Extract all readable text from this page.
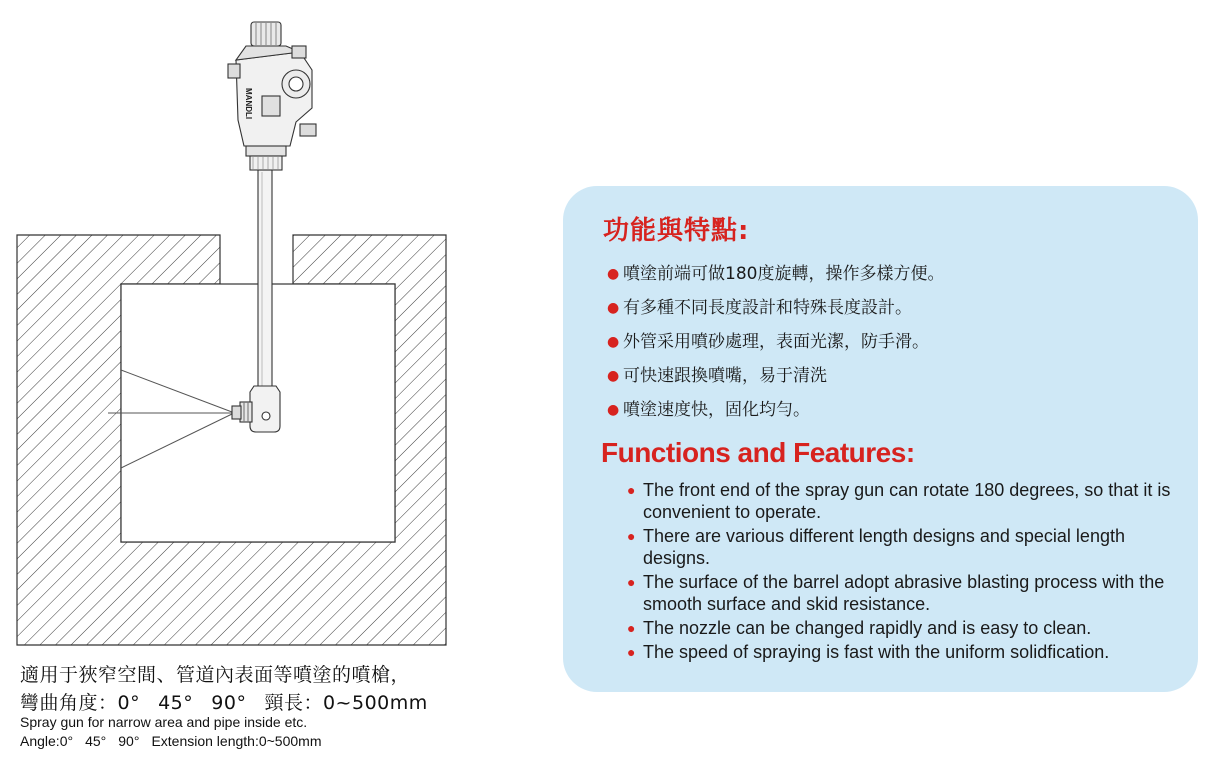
MANDLI
適用于狹窄空間、管道內表面等噴塗的噴槍，
彎曲角度：0° 45° 90° 頸長：0~500mm
Spray gun for narrow area and pipe inside etc.
Angle:0° 45° 90° Extension length:0~500mm
功能與特點:
● 噴塗前端可做180度旋轉，操作多樣方便。
● 有多種不同長度設計和特殊長度設計。
● 外管采用噴砂處理，表面光潔，防手滑。
● 可快速跟換噴嘴，易于清洗
● 噴塗速度快，固化均勻。
Functions and Features:
● The front end of the spray gun can rotate 180 degrees, so that it is convenient to operate.
● There are various different length designs and special length designs.
● The surface of the barrel adopt abrasive blasting process with the smooth surface and skid resistance.
● The nozzle can be changed rapidly and is easy to clean.
● The speed of spraying is fast with the uniform solidfication.
